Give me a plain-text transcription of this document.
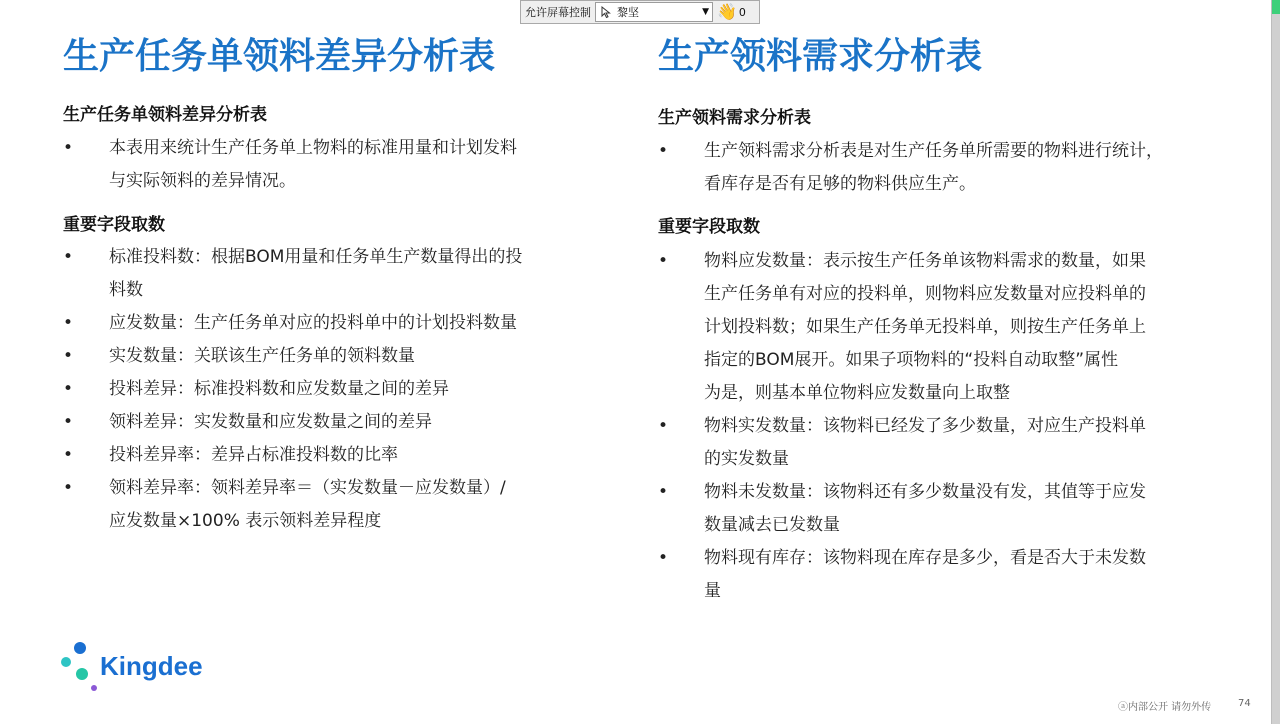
允许屏幕控制	黎坚	▼ 👋 0
生产任务单领料差异分析表
生产任务单领料差异分析表
•	本表用来统计生产任务单上物料的标准用量和计划发料
与实际领料的差异情况。
重要字段取数
•	标准投料数：根据BOM用量和任务单生产数量得出的投
料数
•	应发数量：生产任务单对应的投料单中的计划投料数量
•	实发数量：关联该生产任务单的领料数量
•	投料差异：标准投料数和应发数量之间的差异
•	领料差异：实发数量和应发数量之间的差异
•	投料差异率：差异占标准投料数的比率
•	领料差异率：领料差异率＝（实发数量－应发数量）/
应发数量×100% 表示领料差异程度
生产领料需求分析表
生产领料需求分析表
•	生产领料需求分析表是对生产任务单所需要的物料进行统计，
看库存是否有足够的物料供应生产。
重要字段取数
•	物料应发数量：表示按生产任务单该物料需求的数量，如果
生产任务单有对应的投料单，则物料应发数量对应投料单的
计划投料数；如果生产任务单无投料单，则按生产任务单上
指定的BOM展开。如果子项物料的“投料自动取整”属性
为是，则基本单位物料应发数量向上取整
•	物料实发数量：该物料已经发了多少数量，对应生产投料单
的实发数量
•	物料未发数量：该物料还有多少数量没有发，其值等于应发
数量减去已发数量
•	物料现有库存：该物料现在库存是多少，看是否大于未发数
量
Kingdee
ⓐ内部公开 请勿外传	74
